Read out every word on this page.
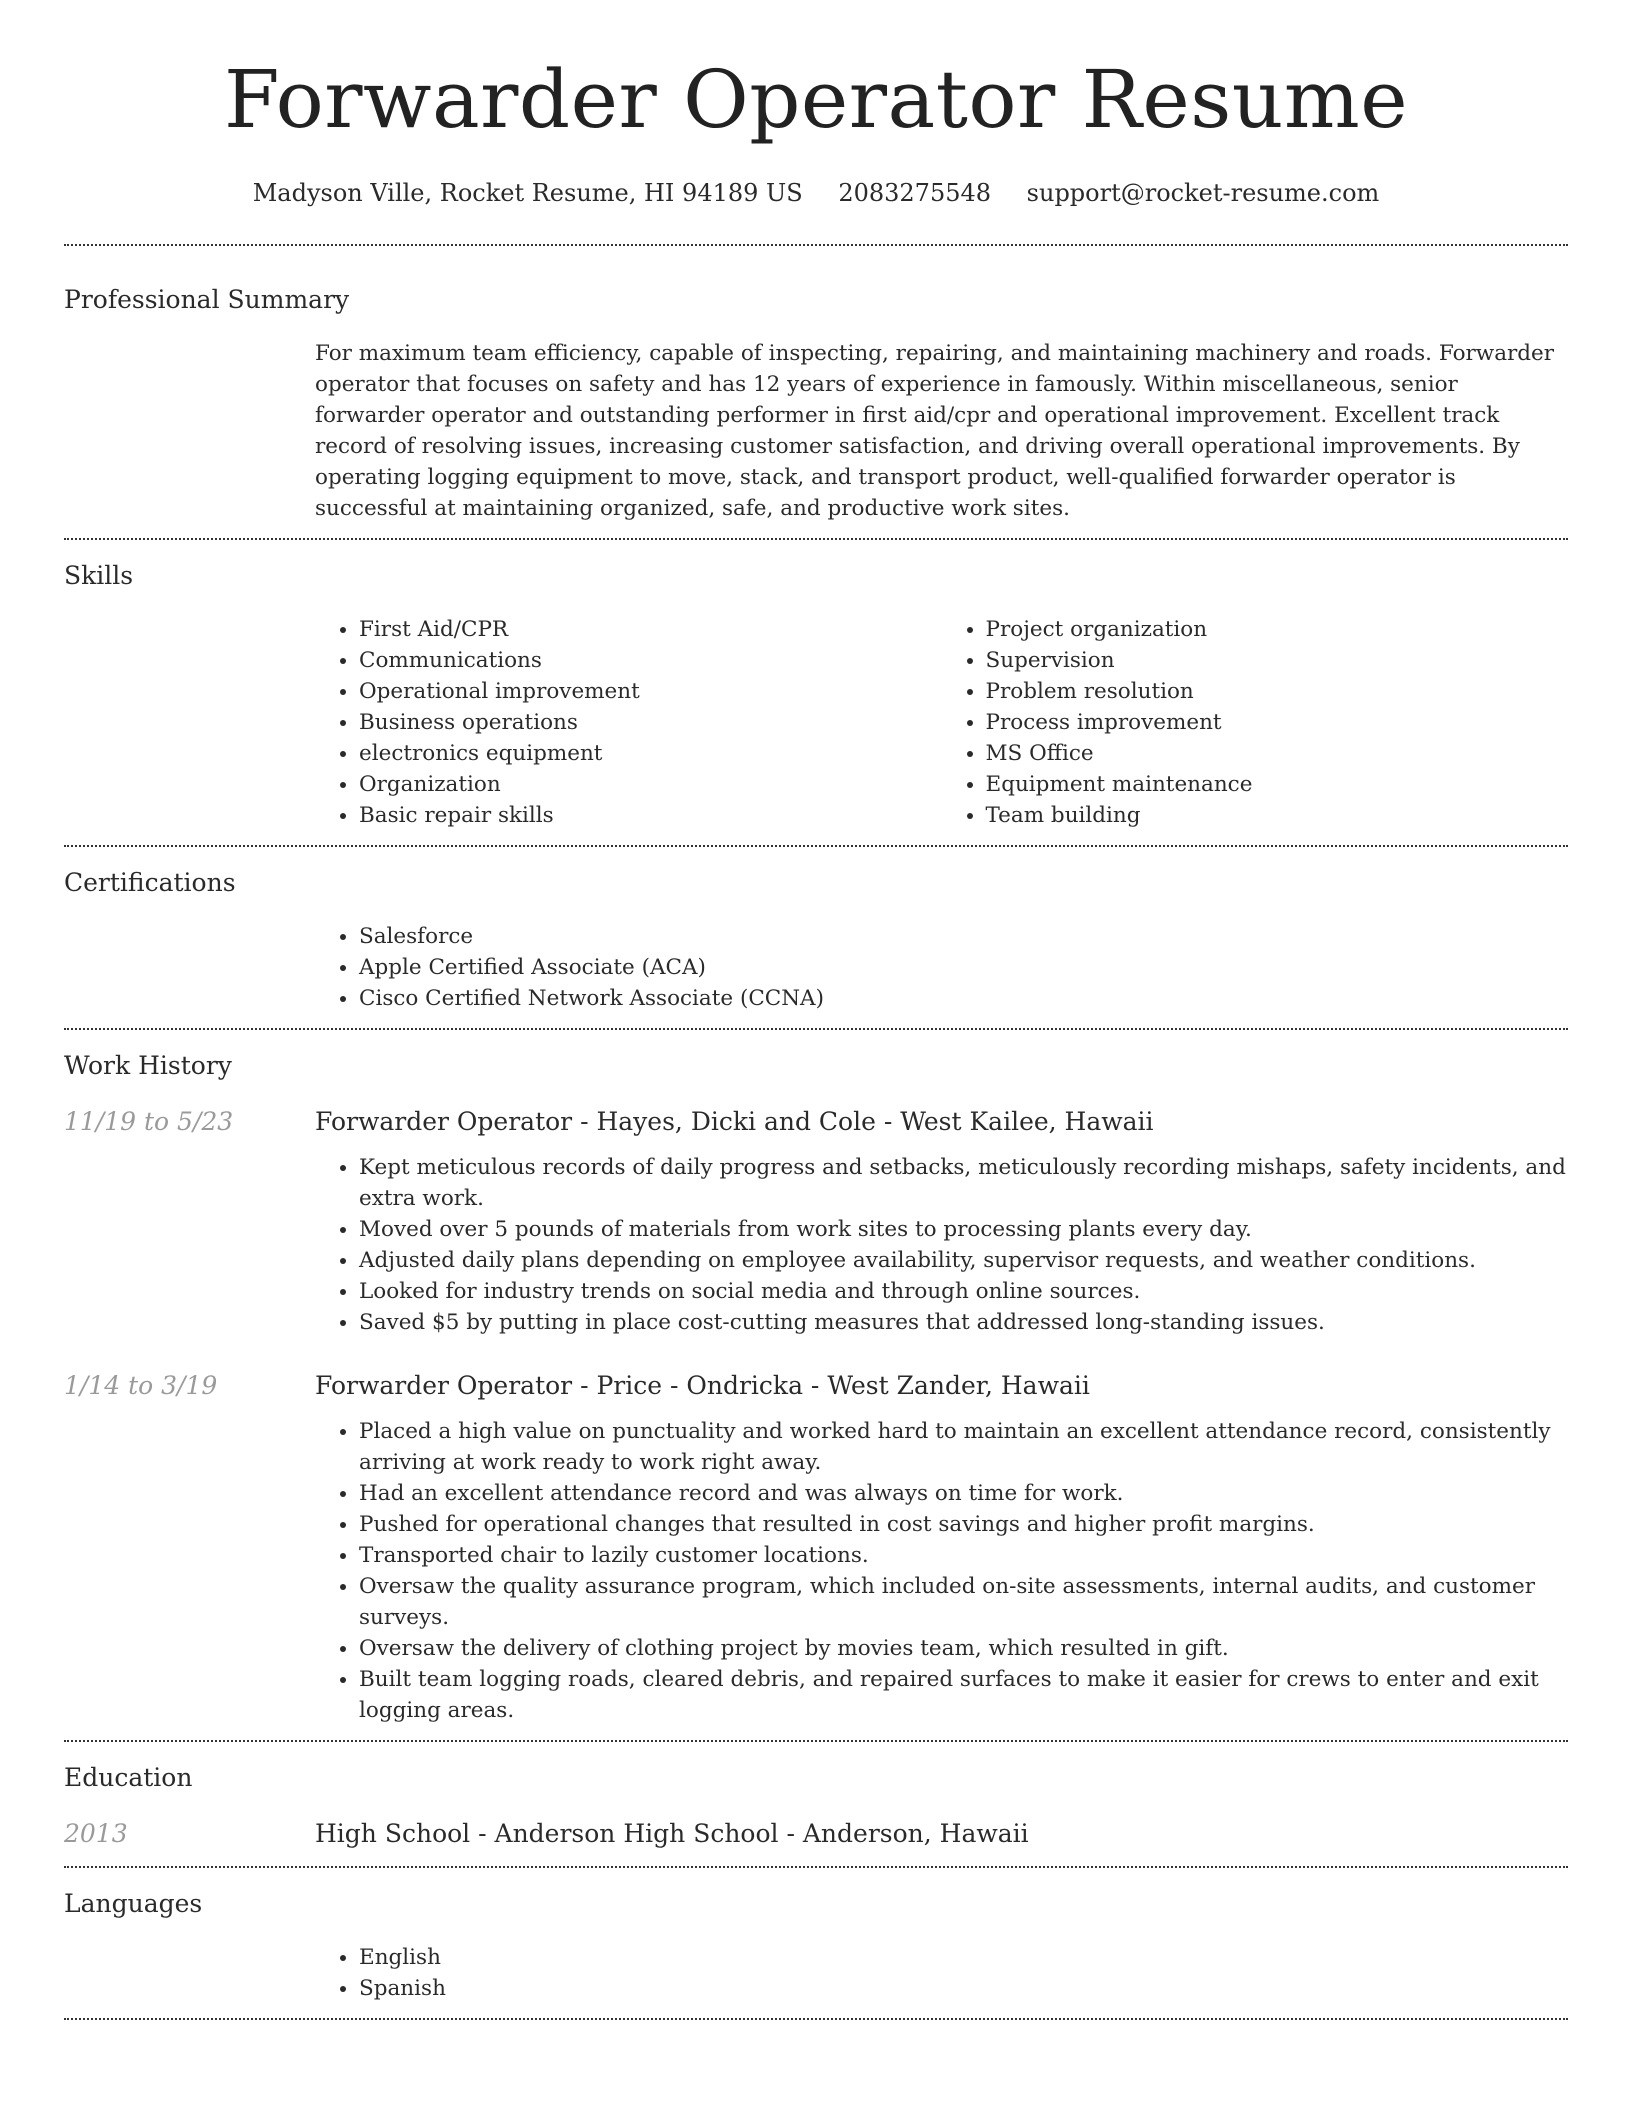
Forwarder Operator Resume
Madyson Ville, Rocket Resume, HI 94189 US 2083275548 support@rocket-resume.com
Professional Summary

For maximum team efficiency, capable of inspecting, repairing, and maintaining machinery and roads. Forwarder operator that focuses on safety and has 12 years of experience in famously. Within miscellaneous, senior forwarder operator and outstanding performer in first aid/cpr and operational improvement. Excellent track record of resolving issues, increasing customer satisfaction, and driving overall operational improvements. By operating logging equipment to move, stack, and transport product, well-qualified forwarder operator is successful at maintaining organized, safe, and productive work sites.

Skills
• First Aid/CPR
• Communications
• Operational improvement
• Business operations
• electronics equipment
• Organization
• Basic repair skills
• Project organization
• Supervision
• Problem resolution
• Process improvement
• MS Office
• Equipment maintenance
• Team building
Certifications
• Salesforce
• Apple Certified Associate (ACA)
• Cisco Certified Network Associate (CCNA)
Work History
11/19 to 5/23	Forwarder Operator - Hayes, Dicki and Cole - West Kailee, Hawaii
• Kept meticulous records of daily progress and setbacks, meticulously recording mishaps, safety incidents, and extra work.
• Moved over 5 pounds of materials from work sites to processing plants every day.
• Adjusted daily plans depending on employee availability, supervisor requests, and weather conditions.
• Looked for industry trends on social media and through online sources.
• Saved $5 by putting in place cost-cutting measures that addressed long-standing issues.
1/14 to 3/19	Forwarder Operator - Price - Ondricka - West Zander, Hawaii
• Placed a high value on punctuality and worked hard to maintain an excellent attendance record, consistently arriving at work ready to work right away.
• Had an excellent attendance record and was always on time for work.
• Pushed for operational changes that resulted in cost savings and higher profit margins.
• Transported chair to lazily customer locations.
• Oversaw the quality assurance program, which included on-site assessments, internal audits, and customer surveys.
• Oversaw the delivery of clothing project by movies team, which resulted in gift.
• Built team logging roads, cleared debris, and repaired surfaces to make it easier for crews to enter and exit logging areas.
Education
2013	High School - Anderson High School - Anderson, Hawaii
Languages
• English
• Spanish
